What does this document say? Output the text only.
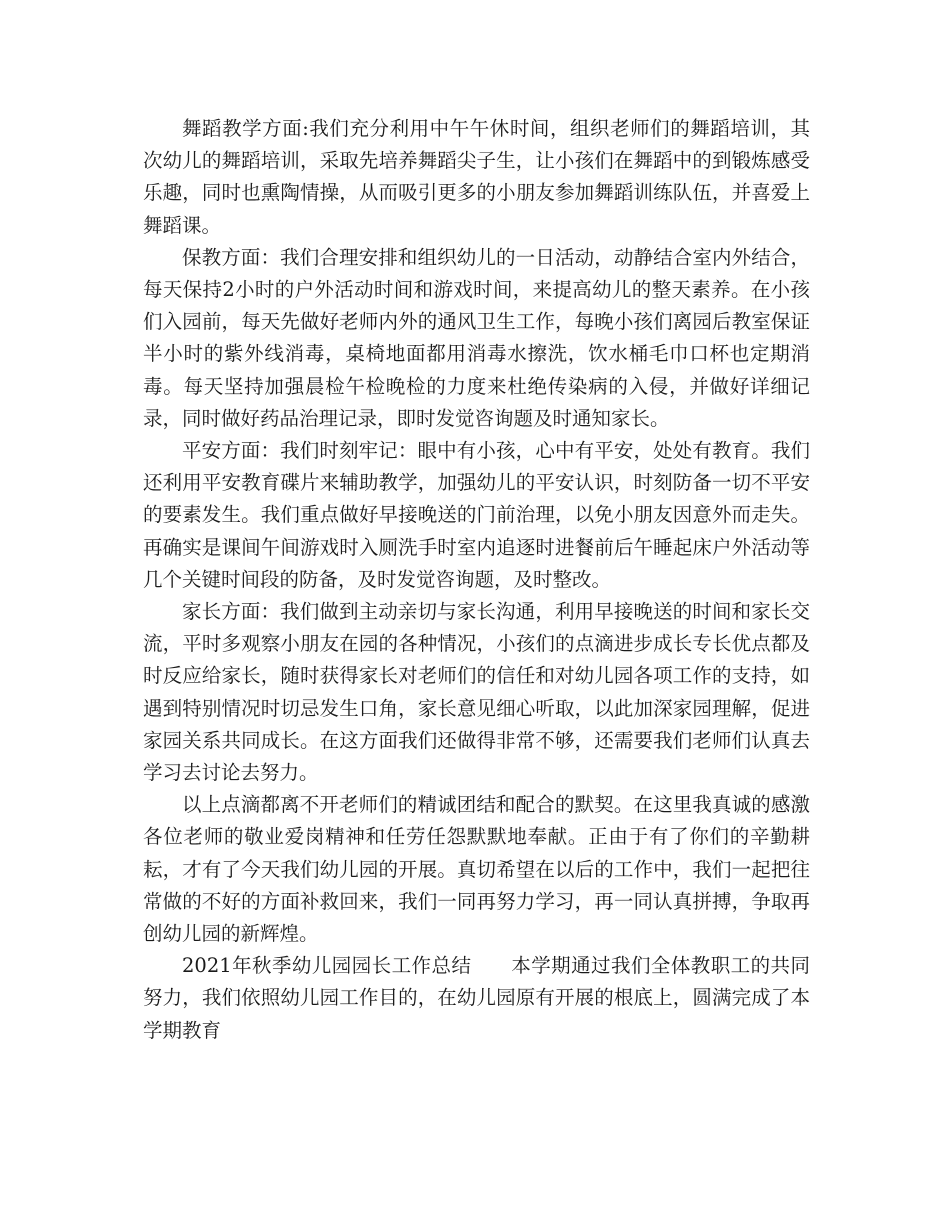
舞蹈教学方面:我们充分利用中午午休时间，组织老师们的舞蹈培训，其次幼儿的舞蹈培训，采取先培养舞蹈尖子生，让小孩们在舞蹈中的到锻炼感受乐趣，同时也熏陶情操，从而吸引更多的小朋友参加舞蹈训练队伍，并喜爱上舞蹈课。

保教方面：我们合理安排和组织幼儿的一日活动，动静结合室内外结合，每天保持2小时的户外活动时间和游戏时间，来提高幼儿的整天素养。在小孩们入园前，每天先做好老师内外的通风卫生工作，每晚小孩们离园后教室保证半小时的紫外线消毒，桌椅地面都用消毒水擦洗，饮水桶毛巾口杯也定期消毒。每天坚持加强晨检午检晚检的力度来杜绝传染病的入侵，并做好详细记录，同时做好药品治理记录，即时发觉咨询题及时通知家长。

平安方面：我们时刻牢记：眼中有小孩，心中有平安，处处有教育。我们还利用平安教育碟片来辅助教学，加强幼儿的平安认识，时刻防备一切不平安的要素发生。我们重点做好早接晚送的门前治理，以免小朋友因意外而走失。再确实是课间午间游戏时入厕洗手时室内追逐时进餐前后午睡起床户外活动等几个关键时间段的防备，及时发觉咨询题，及时整改。

家长方面：我们做到主动亲切与家长沟通，利用早接晚送的时间和家长交流，平时多观察小朋友在园的各种情况，小孩们的点滴进步成长专长优点都及时反应给家长，随时获得家长对老师们的信任和对幼儿园各项工作的支持，如遇到特别情况时切忌发生口角，家长意见细心听取，以此加深家园理解，促进家园关系共同成长。在这方面我们还做得非常不够，还需要我们老师们认真去学习去讨论去努力。

以上点滴都离不开老师们的精诚团结和配合的默契。在这里我真诚的感激各位老师的敬业爱岗精神和任劳任怨默默地奉献。正由于有了你们的辛勤耕耘，才有了今天我们幼儿园的开展。真切希望在以后的工作中，我们一起把往常做的不好的方面补救回来，我们一同再努力学习，再一同认真拼搏，争取再创幼儿园的新辉煌。

2021年秋季幼儿园园长工作总结　　本学期通过我们全体教职工的共同努力，我们依照幼儿园工作目的，在幼儿园原有开展的根底上，圆满完成了本学期教育
